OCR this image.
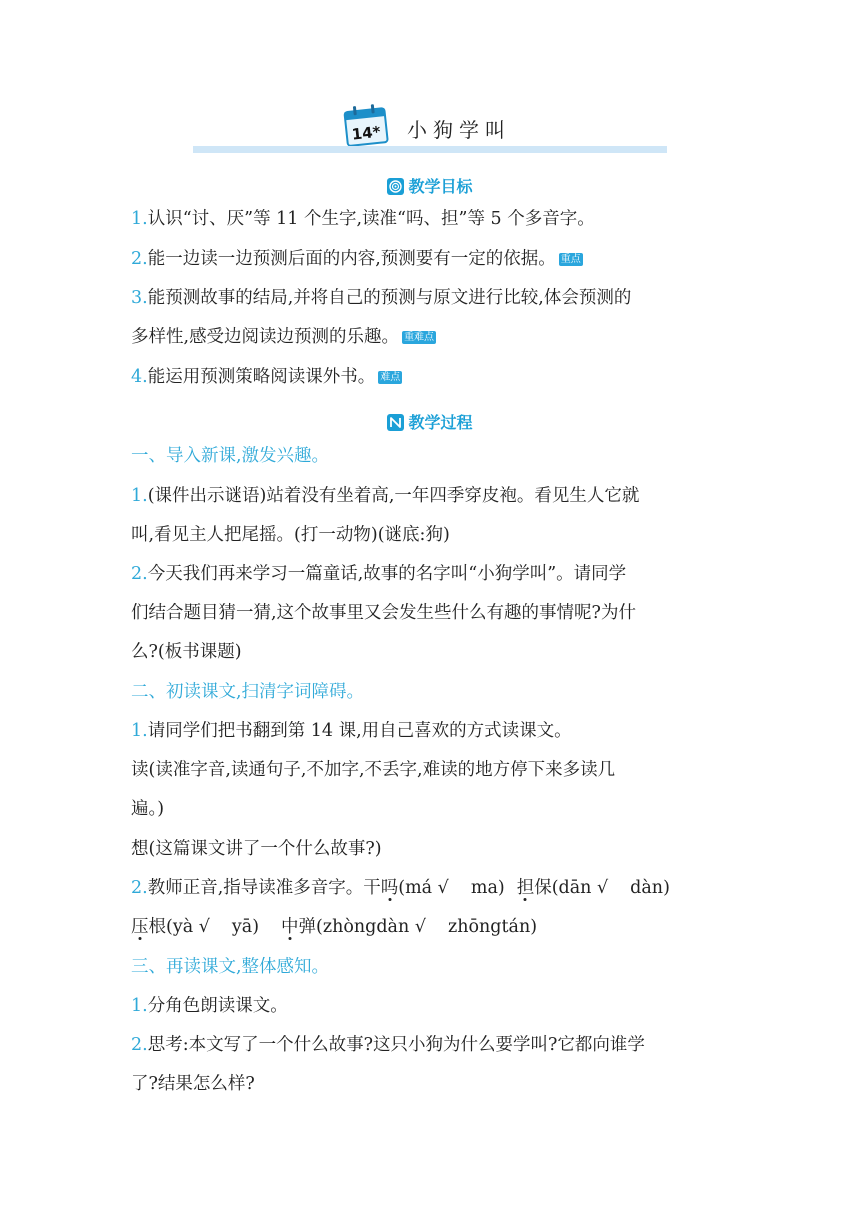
14* 小狗学叫
教学目标
1.认识“讨、厌”等 11 个生字,读准“吗、担”等 5 个多音字。
2.能一边读一边预测后面的内容,预测要有一定的依据。 重点
3.能预测故事的结局,并将自己的预测与原文进行比较,体会预测的
多样性,感受边阅读边预测的乐趣。 重难点
4.能运用预测策略阅读课外书。 难点
教学过程
一、导入新课,激发兴趣。
1.(课件出示谜语)站着没有坐着高,一年四季穿皮袍。看见生人它就
叫,看见主人把尾摇。(打一动物)(谜底:狗)
2.今天我们再来学习一篇童话,故事的名字叫“小狗学叫”。请同学
们结合题目猜一猜,这个故事里又会发生些什么有趣的事情呢?为什
么?(板书课题)
二、初读课文,扫清字词障碍。
1.请同学们把书翻到第 14 课,用自己喜欢的方式读课文。
读(读准字音,读通句子,不加字,不丢字,难读的地方停下来多读几
遍。)
想(这篇课文讲了一个什么故事?)
2.教师正音,指导读准多音字。干吗(má √ ma) 担保(dān √ dàn)
压根(yà √ yā) 中弹(zhòngdàn √ zhōngtán)
三、再读课文,整体感知。
1.分角色朗读课文。
2.思考:本文写了一个什么故事?这只小狗为什么要学叫?它都向谁学
了?结果怎么样?
